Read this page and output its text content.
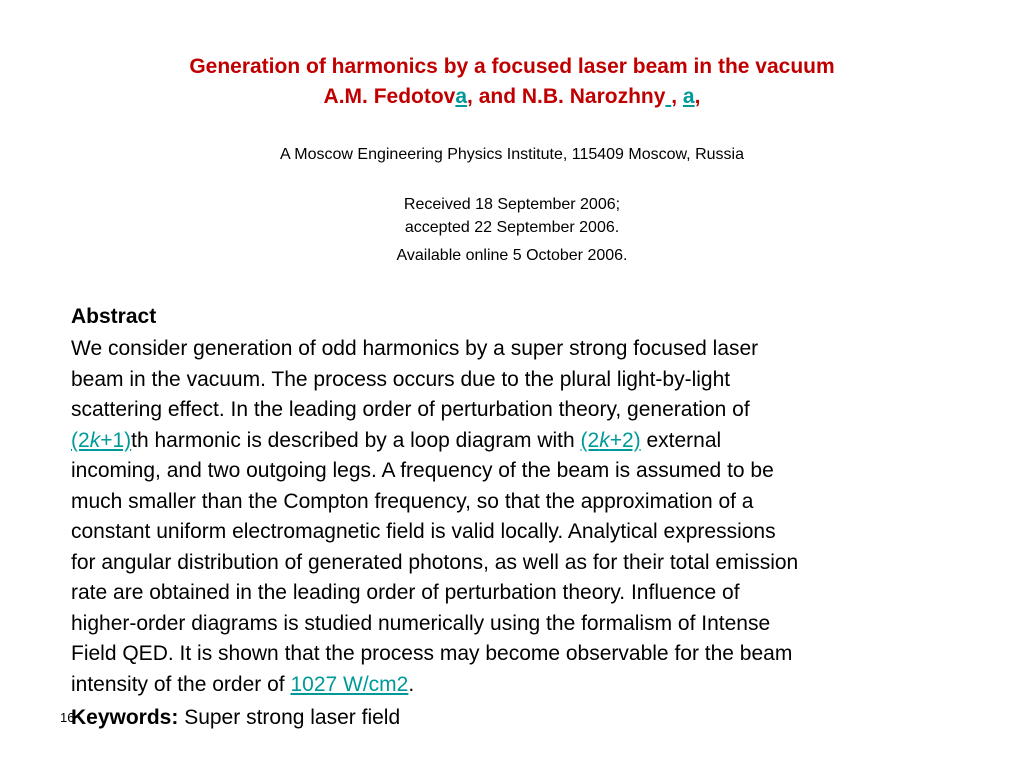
Generation of harmonics by a focused laser beam in the vacuum
A.M. Fedotova, and N.B. Narozhny , a,
A Moscow Engineering Physics Institute, 115409 Moscow, Russia
Received 18 September 2006;
accepted 22 September 2006.
Available online 5 October 2006.
Abstract
We consider generation of odd harmonics by a super strong focused laser
beam in the vacuum. The process occurs due to the plural light-by-light
scattering effect. In the leading order of perturbation theory, generation of
(2k+1)th harmonic is described by a loop diagram with (2k+2) external
incoming, and two outgoing legs. A frequency of the beam is assumed to be
much smaller than the Compton frequency, so that the approximation of a
constant uniform electromagnetic field is valid locally. Analytical expressions
for angular distribution of generated photons, as well as for their total emission
rate are obtained in the leading order of perturbation theory. Influence of
higher-order diagrams is studied numerically using the formalism of Intense
Field QED. It is shown that the process may become observable for the beam
intensity of the order of 1027 W/cm2.
16
Keywords: Super strong laser field
